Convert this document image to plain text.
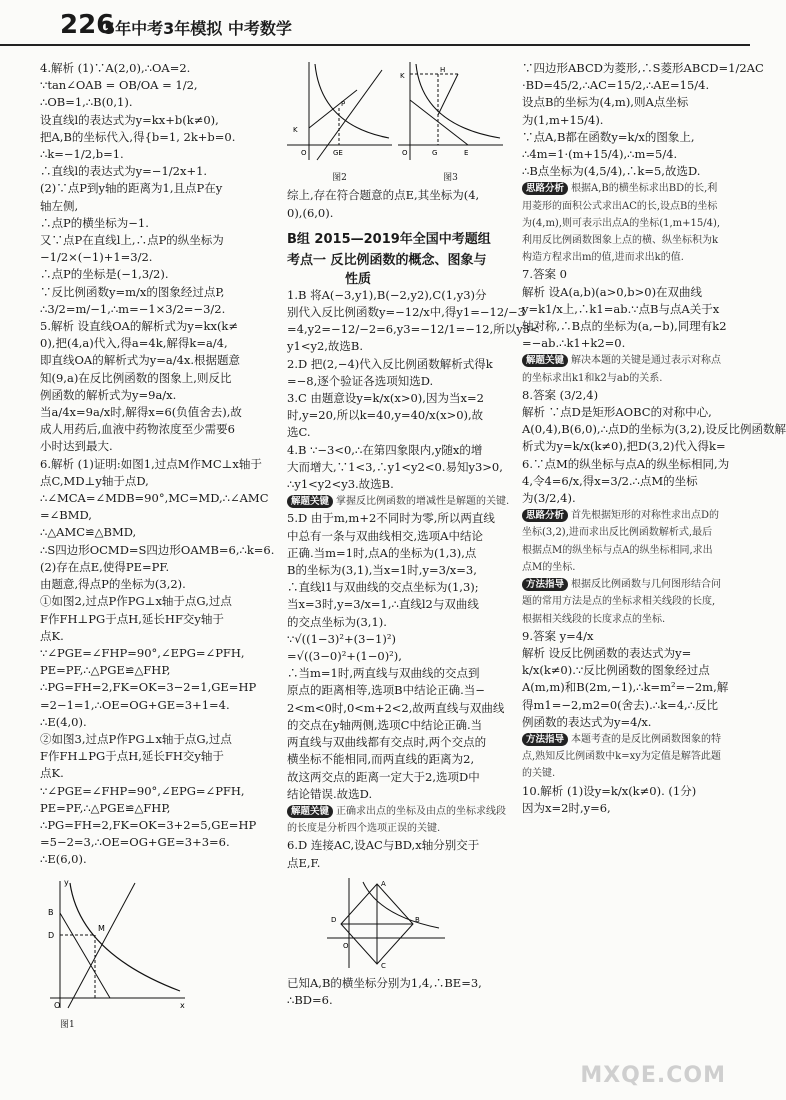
226
5年中考3年模拟 中考数学
4.解析 (1)∵A(2,0),∴OA=2.
∵tan∠OAB = OB/OA = 1/2,
∴OB=1,∴B(0,1).
设直线l的表达式为y=kx+b(k≠0),
把A,B的坐标代入,得{b=1, 2k+b=0.
∴k=−1/2,b=1.
∴直线l的表达式为y=−1/2x+1.
(2)∵点P到y轴的距离为1,且点P在y
轴左侧,
∴点P的横坐标为−1.
又∵点P在直线l上,∴点P的纵坐标为
−1/2×(−1)+1=3/2.
∴点P的坐标是(−1,3/2).
∵反比例函数y=m/x的图象经过点P,
∴3/2=m/−1,∴m=−1×3/2=−3/2.
5.解析 设直线OA的解析式为y=kx(k≠
0),把(4,a)代入,得a=4k,解得k=a/4,
即直线OA的解析式为y=a/4x.根据题意
知(9,a)在反比例函数的图象上,则反比
例函数的解析式为y=9a/x.
当a/4x=9a/x时,解得x=6(负值舍去),故
成人用药后,血液中药物浓度至少需要6
小时达到最大.
6.解析 (1)证明:如图1,过点M作MC⊥x轴于
点C,MD⊥y轴于点D,
∴∠MCA=∠MDB=90°,MC=MD,∴∠AMC
=∠BMD,
∴△AMC≌△BMD,
∴S四边形OCMD=S四边形OAMB=6,∴k=6.
(2)存在点E,使得PE=PF.
由题意,得点P的坐标为(3,2).
①如图2,过点P作PG⊥x轴于点G,过点
F作FH⊥PG于点H,延长HF交y轴于
点K.
∵∠PGE=∠FHP=90°,∠EPG=∠PFH,
PE=PF,∴△PGE≌△FHP,
∴PG=FH=2,FK=OK=3−2=1,GE=HP
=2−1=1,∴OE=OG+GE=3+1=4.
∴E(4,0).
②如图3,过点P作PG⊥x轴于点G,过点
F作FH⊥PG于点H,延长FH交y轴于
点K.
∵∠PGE=∠FHP=90°,∠EPG=∠PFH,
PE=PF,∴△PGE≌△FHP,
∴PG=FH=2,FK=OK=3+2=5,GE=HP
=5−2=3,∴OE=OG+GE=3+3=6.
∴E(6,0).
D
M
B
O	x
y
图1
K
P
GE
O
图2
H
K
G	E
O
图3
综上,存在符合题意的点E,其坐标为(4,
0),(6,0).
B组 2015—2019年全国中考题组
考点一 反比例函数的概念、图象与
性质
1.B 将A(−3,y1),B(−2,y2),C(1,y3)分
别代入反比例函数y=−12/x中,得y1=−12/−3
=4,y2=−12/−2=6,y3=−12/1=−12,所以y3<
y1<y2,故选B.
2.D 把(2,−4)代入反比例函数解析式得k
=−8,逐个验证各选项知选D.
3.C 由题意设y=k/x(x>0),因为当x=2
时,y=20,所以k=40,y=40/x(x>0),故
选C.
4.B ∵−3<0,∴在第四象限内,y随x的增
大而增大,∵1<3,∴y1<y2<0.易知y3>0,
∴y1<y2<y3.故选B.
解题关键 掌握反比例函数的增减性是解题的关键.
5.D 由于m,m+2不同时为零,所以两直线
中总有一条与双曲线相交,选项A中结论
正确.当m=1时,点A的坐标为(1,3),点
B的坐标为(3,1),当x=1时,y=3/x=3,
∴直线l1与双曲线的交点坐标为(1,3);
当x=3时,y=3/x=1,∴直线l2与双曲线
的交点坐标为(3,1).
∵√((1−3)²+(3−1)²)
=√((3−0)²+(1−0)²),
∴当m=1时,两直线与双曲线的交点到
原点的距离相等,选项B中结论正确.当−
2<m<0时,0<m+2<2,故两直线与双曲线
的交点在y轴两侧,选项C中结论正确.当
两直线与双曲线都有交点时,两个交点的
横坐标不能相同,而两直线的距离为2,
故这两交点的距离一定大于2,选项D中
结论错误.故选D.
解题关键 正确求出点的坐标及由点的坐标求线段的长度是分析四个选项正误的关键.
6.D 连接AC,设AC与BD,x轴分别交于
点E,F.
A
B
D
C
O
已知A,B的横坐标分别为1,4,∴BE=3,
∴BD=6.
∵四边形ABCD为菱形,∴S菱形ABCD=1/2AC
·BD=45/2,∴AC=15/2,∴AE=15/4.
设点B的坐标为(4,m),则A点坐标
为(1,m+15/4).
∵点A,B都在函数y=k/x的图象上,
∴4m=1·(m+15/4),∴m=5/4.
∴B点坐标为(4,5/4),∴k=5,故选D.
思路分析 根据A,B的横坐标求出BD的长,利用菱形的面积公式求出AC的长,设点B的坐标为(4,m),则可表示出点A的坐标(1,m+15/4),利用反比例函数图象上点的横、纵坐标积为k构造方程求出m的值,进而求出k的值.
7.答案 0
解析 设A(a,b)(a>0,b>0)在双曲线
y=k1/x上,∴k1=ab.∵点B与点A关于x
轴对称,∴B点的坐标为(a,−b),同理有k2
=−ab.∴k1+k2=0.
解题关键 解决本题的关键是通过表示对称点的坐标求出k1和k2与ab的关系.
8.答案 (3/2,4)
解析 ∵点D是矩形AOBC的对称中心,
A(0,4),B(6,0),∴点D的坐标为(3,2),设反比例函数解
析式为y=k/x(k≠0),把D(3,2)代入得k=
6.∵点M的纵坐标与点A的纵坐标相同,为
4,令4=6/x,得x=3/2.∴点M的坐标
为(3/2,4).
思路分析 首先根据矩形的对称性求出点D的坐标(3,2),进而求出反比例函数解析式,最后根据点M的纵坐标与点A的纵坐标相同,求出点M的坐标.
方法指导 根据反比例函数与几何图形结合问题的常用方法是点的坐标求相关线段的长度,根据相关线段的长度求点的坐标.
9.答案 y=4/x
解析 设反比例函数的表达式为y=
k/x(k≠0).∵反比例函数的图象经过点
A(m,m)和B(2m,−1),∴k=m²=−2m,解
得m1=−2,m2=0(舍去).∴k=4,∴反比
例函数的表达式为y=4/x.
方法指导 本题考查的是反比例函数图象的特点,熟知反比例函数中k=xy为定值是解答此题的关键.
10.解析 (1)设y=k/x(k≠0). (1分)
因为x=2时,y=6,
MXQE.COM
